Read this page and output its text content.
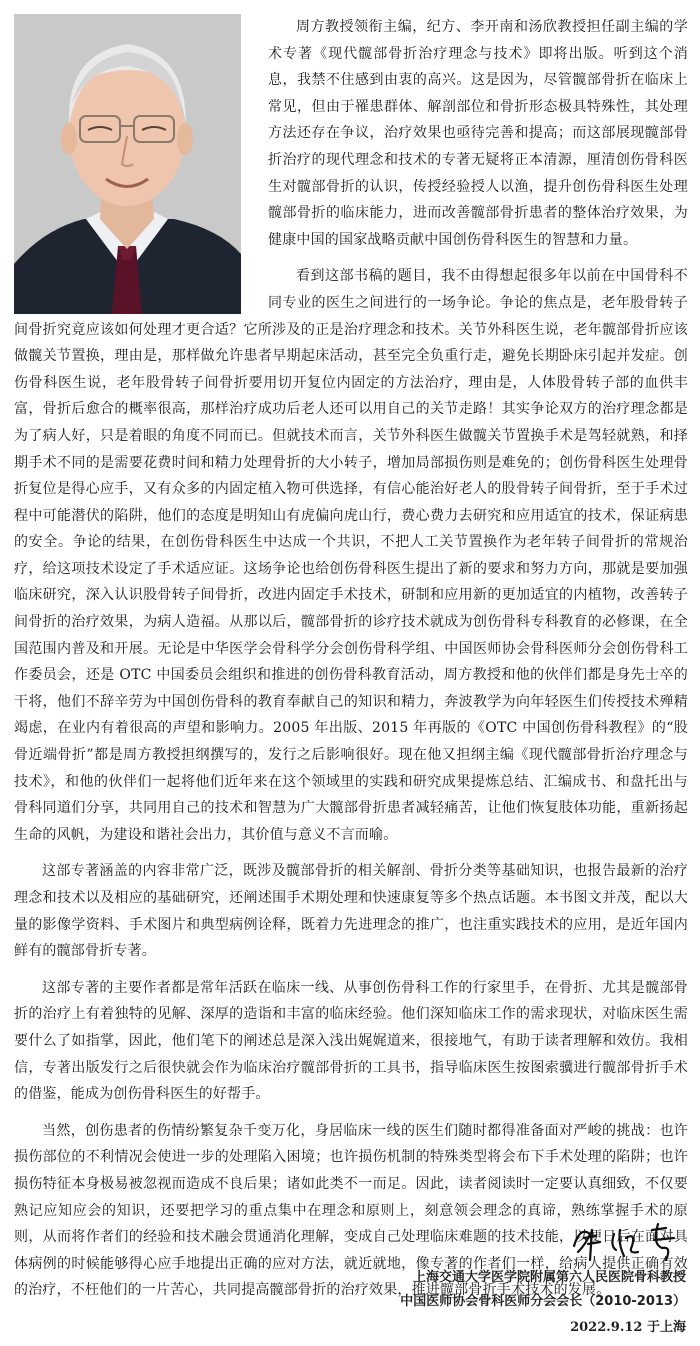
周方教授领衔主编，纪方、李开南和汤欣教授担任副主编的学术专著《现代髋部骨折治疗理念与技术》即将出版。听到这个消息，我禁不住感到由衷的高兴。这是因为，尽管髋部骨折在临床上常见，但由于罹患群体、解剖部位和骨折形态极具特殊性，其处理方法还存在争议，治疗效果也亟待完善和提高；而这部展现髋部骨折治疗的现代理念和技术的专著无疑将正本清源，厘清创伤骨科医生对髋部骨折的认识，传授经验授人以渔，提升创伤骨科医生处理髋部骨折的临床能力，进而改善髋部骨折患者的整体治疗效果，为健康中国的国家战略贡献中国创伤骨科医生的智慧和力量。

看到这部书稿的题目，我不由得想起很多年以前在中国骨科不同专业的医生之间进行的一场争论。争论的焦点是，老年股骨转子间骨折究竟应该如何处理才更合适？它所涉及的正是治疗理念和技术。关节外科医生说，老年髋部骨折应该做髋关节置换，理由是，那样做允许患者早期起床活动，甚至完全负重行走，避免长期卧床引起并发症。创伤骨科医生说，老年股骨转子间骨折要用切开复位内固定的方法治疗，理由是，人体股骨转子部的血供丰富，骨折后愈合的概率很高，那样治疗成功后老人还可以用自己的关节走路！其实争论双方的治疗理念都是为了病人好，只是着眼的角度不同而已。但就技术而言，关节外科医生做髋关节置换手术是驾轻就熟，和择期手术不同的是需要花费时间和精力处理骨折的大小转子，增加局部损伤则是难免的；创伤骨科医生处理骨折复位是得心应手，又有众多的内固定植入物可供选择，有信心能治好老人的股骨转子间骨折，至于手术过程中可能潜伏的陷阱，他们的态度是明知山有虎偏向虎山行，费心费力去研究和应用适宜的技术，保证病患的安全。争论的结果，在创伤骨科医生中达成一个共识，不把人工关节置换作为老年转子间骨折的常规治疗，给这项技术设定了手术适应证。这场争论也给创伤骨科医生提出了新的要求和努力方向，那就是要加强临床研究，深入认识股骨转子间骨折，改进内固定手术技术，研制和应用新的更加适宜的内植物，改善转子间骨折的治疗效果，为病人造福。从那以后，髋部骨折的诊疗技术就成为创伤骨科专科教育的必修课，在全国范围内普及和开展。无论是中华医学会骨科学分会创伤骨科学组、中国医师协会骨科医师分会创伤骨科工作委员会，还是 OTC 中国委员会组织和推进的创伤骨科教育活动，周方教授和他的伙伴们都是身先士卒的干将，他们不辞辛劳为中国创伤骨科的教育奉献自己的知识和精力，奔波教学为向年轻医生们传授技术殚精竭虑，在业内有着很高的声望和影响力。2005 年出版、2015 年再版的《OTC 中国创伤骨科教程》的“股骨近端骨折”都是周方教授担纲撰写的，发行之后影响很好。现在他又担纲主编《现代髋部骨折治疗理念与技术》，和他的伙伴们一起将他们近年来在这个领域里的实践和研究成果提炼总结、汇编成书、和盘托出与骨科同道们分享，共同用自己的技术和智慧为广大髋部骨折患者减轻痛苦，让他们恢复肢体功能，重新扬起生命的风帆，为建设和谐社会出力，其价值与意义不言而喻。

这部专著涵盖的内容非常广泛，既涉及髋部骨折的相关解剖、骨折分类等基础知识，也报告最新的治疗理念和技术以及相应的基础研究，还阐述围手术期处理和快速康复等多个热点话题。本书图文并茂，配以大量的影像学资料、手术图片和典型病例诠释，既着力先进理念的推广，也注重实践技术的应用，是近年国内鲜有的髋部骨折专著。

这部专著的主要作者都是常年活跃在临床一线、从事创伤骨科工作的行家里手，在骨折、尤其是髋部骨折的治疗上有着独特的见解、深厚的造诣和丰富的临床经验。他们深知临床工作的需求现状，对临床医生需要什么了如指掌，因此，他们笔下的阐述总是深入浅出娓娓道来，很接地气，有助于读者理解和效仿。我相信，专著出版发行之后很快就会作为临床治疗髋部骨折的工具书，指导临床医生按图索骥进行髋部骨折手术的借鉴，能成为创伤骨科医生的好帮手。

当然，创伤患者的伤情纷繁复杂千变万化，身居临床一线的医生们随时都得准备面对严峻的挑战：也许损伤部位的不利情况会使进一步的处理陷入困境；也许损伤机制的特殊类型将会布下手术处理的陷阱；也许损伤特征本身极易被忽视而造成不良后果；诸如此类不一而足。因此，读者阅读时一定要认真细致，不仅要熟记应知应会的知识，还要把学习的重点集中在理念和原则上，刻意领会理念的真谛，熟练掌握手术的原则，从而将作者们的经验和技术融会贯通消化理解，变成自己处理临床难题的技术技能，以便日后在面对具体病例的时候能够得心应手地提出正确的应对方法，就近就地，像专著的作者们一样，给病人提供正确有效的治疗，不枉他们的一片苦心，共同提高髋部骨折的治疗效果，推进髋部骨折手术技术的发展。

上海交通大学医学院附属第六人民医院骨科教授
中国医师协会骨科医师分会会长（2010-2013）
2022.9.12 于上海
